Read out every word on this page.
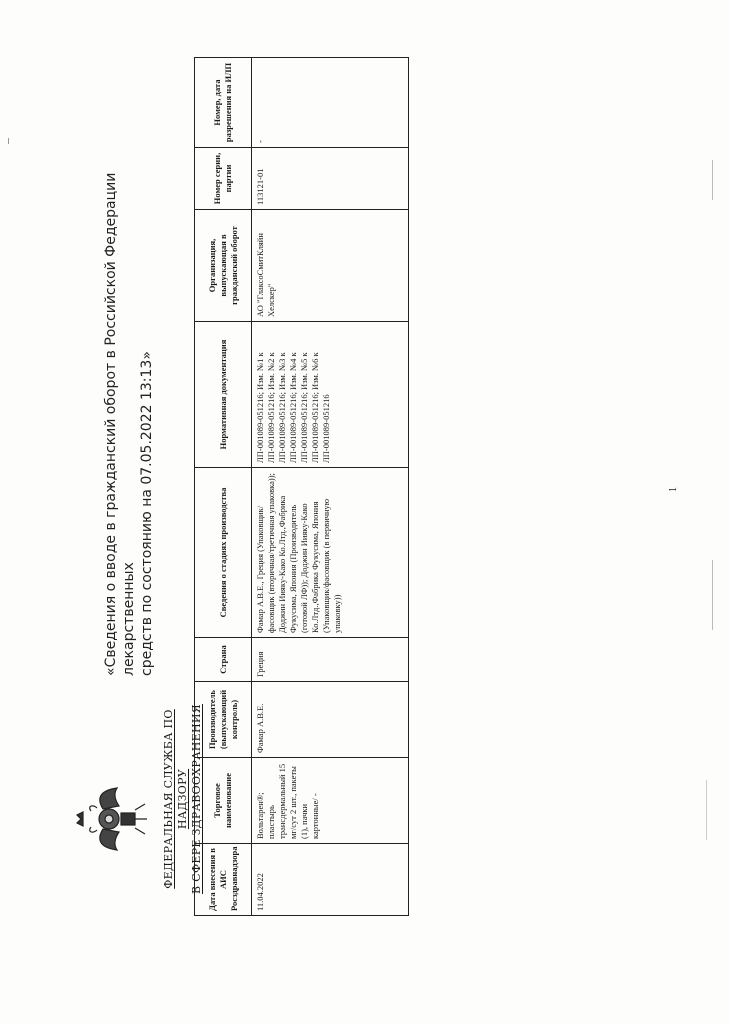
ФЕДЕРАЛЬНАЯ СЛУЖБА ПО НАДЗОРУ В СФЕРЕ ЗДРАВООХРАНЕНИЯ
«Сведения о вводе в гражданский оборот в Российской Федерации лекарственных средств по состоянию на 07.05.2022 13:13»
Дата внесения в АИС Росздравнадзора	Торговое наименование	Производитель (выпускающий контроль)	Страна	Сведения о стадиях производства	Нормативная документация	Организация, выпускающая в гражданский оборот	Номер серии, партии	Номер, дата разрешения на ИЛП
11.04.2022	Вольтарен®; пластырь трансдермальный 15 мг/сут 2 шт., пакеты (1), пачки картонные/ -	Фамар А.В.Е.	Греция	Фамар А.В.Е., Греция (Упаковщик/фасовщик (вторичная/третичная упаковка)); Доджин Иияку-Како Ко.Лтд.,Фабрика Фукусима, Япония (Производитель (готовой ЛФ)); Доджин Иияку-Како Ко.Лтд.,Фабрика Фукусима, Япония (Упаковщик/фасовщик (в первичную упаковку))	ЛП-001089-051216; Изм. №1 к ЛП-001089-051216; Изм. №2 к ЛП-001089-051216; Изм. №3 к ЛП-001089-051216; Изм. №4 к ЛП-001089-051216; Изм. №5 к ЛП-001089-051216; Изм. №6 к ЛП-001089-051216	АО "ГлаксоСмитКляйн Хелскер"	113121-01	-
1
